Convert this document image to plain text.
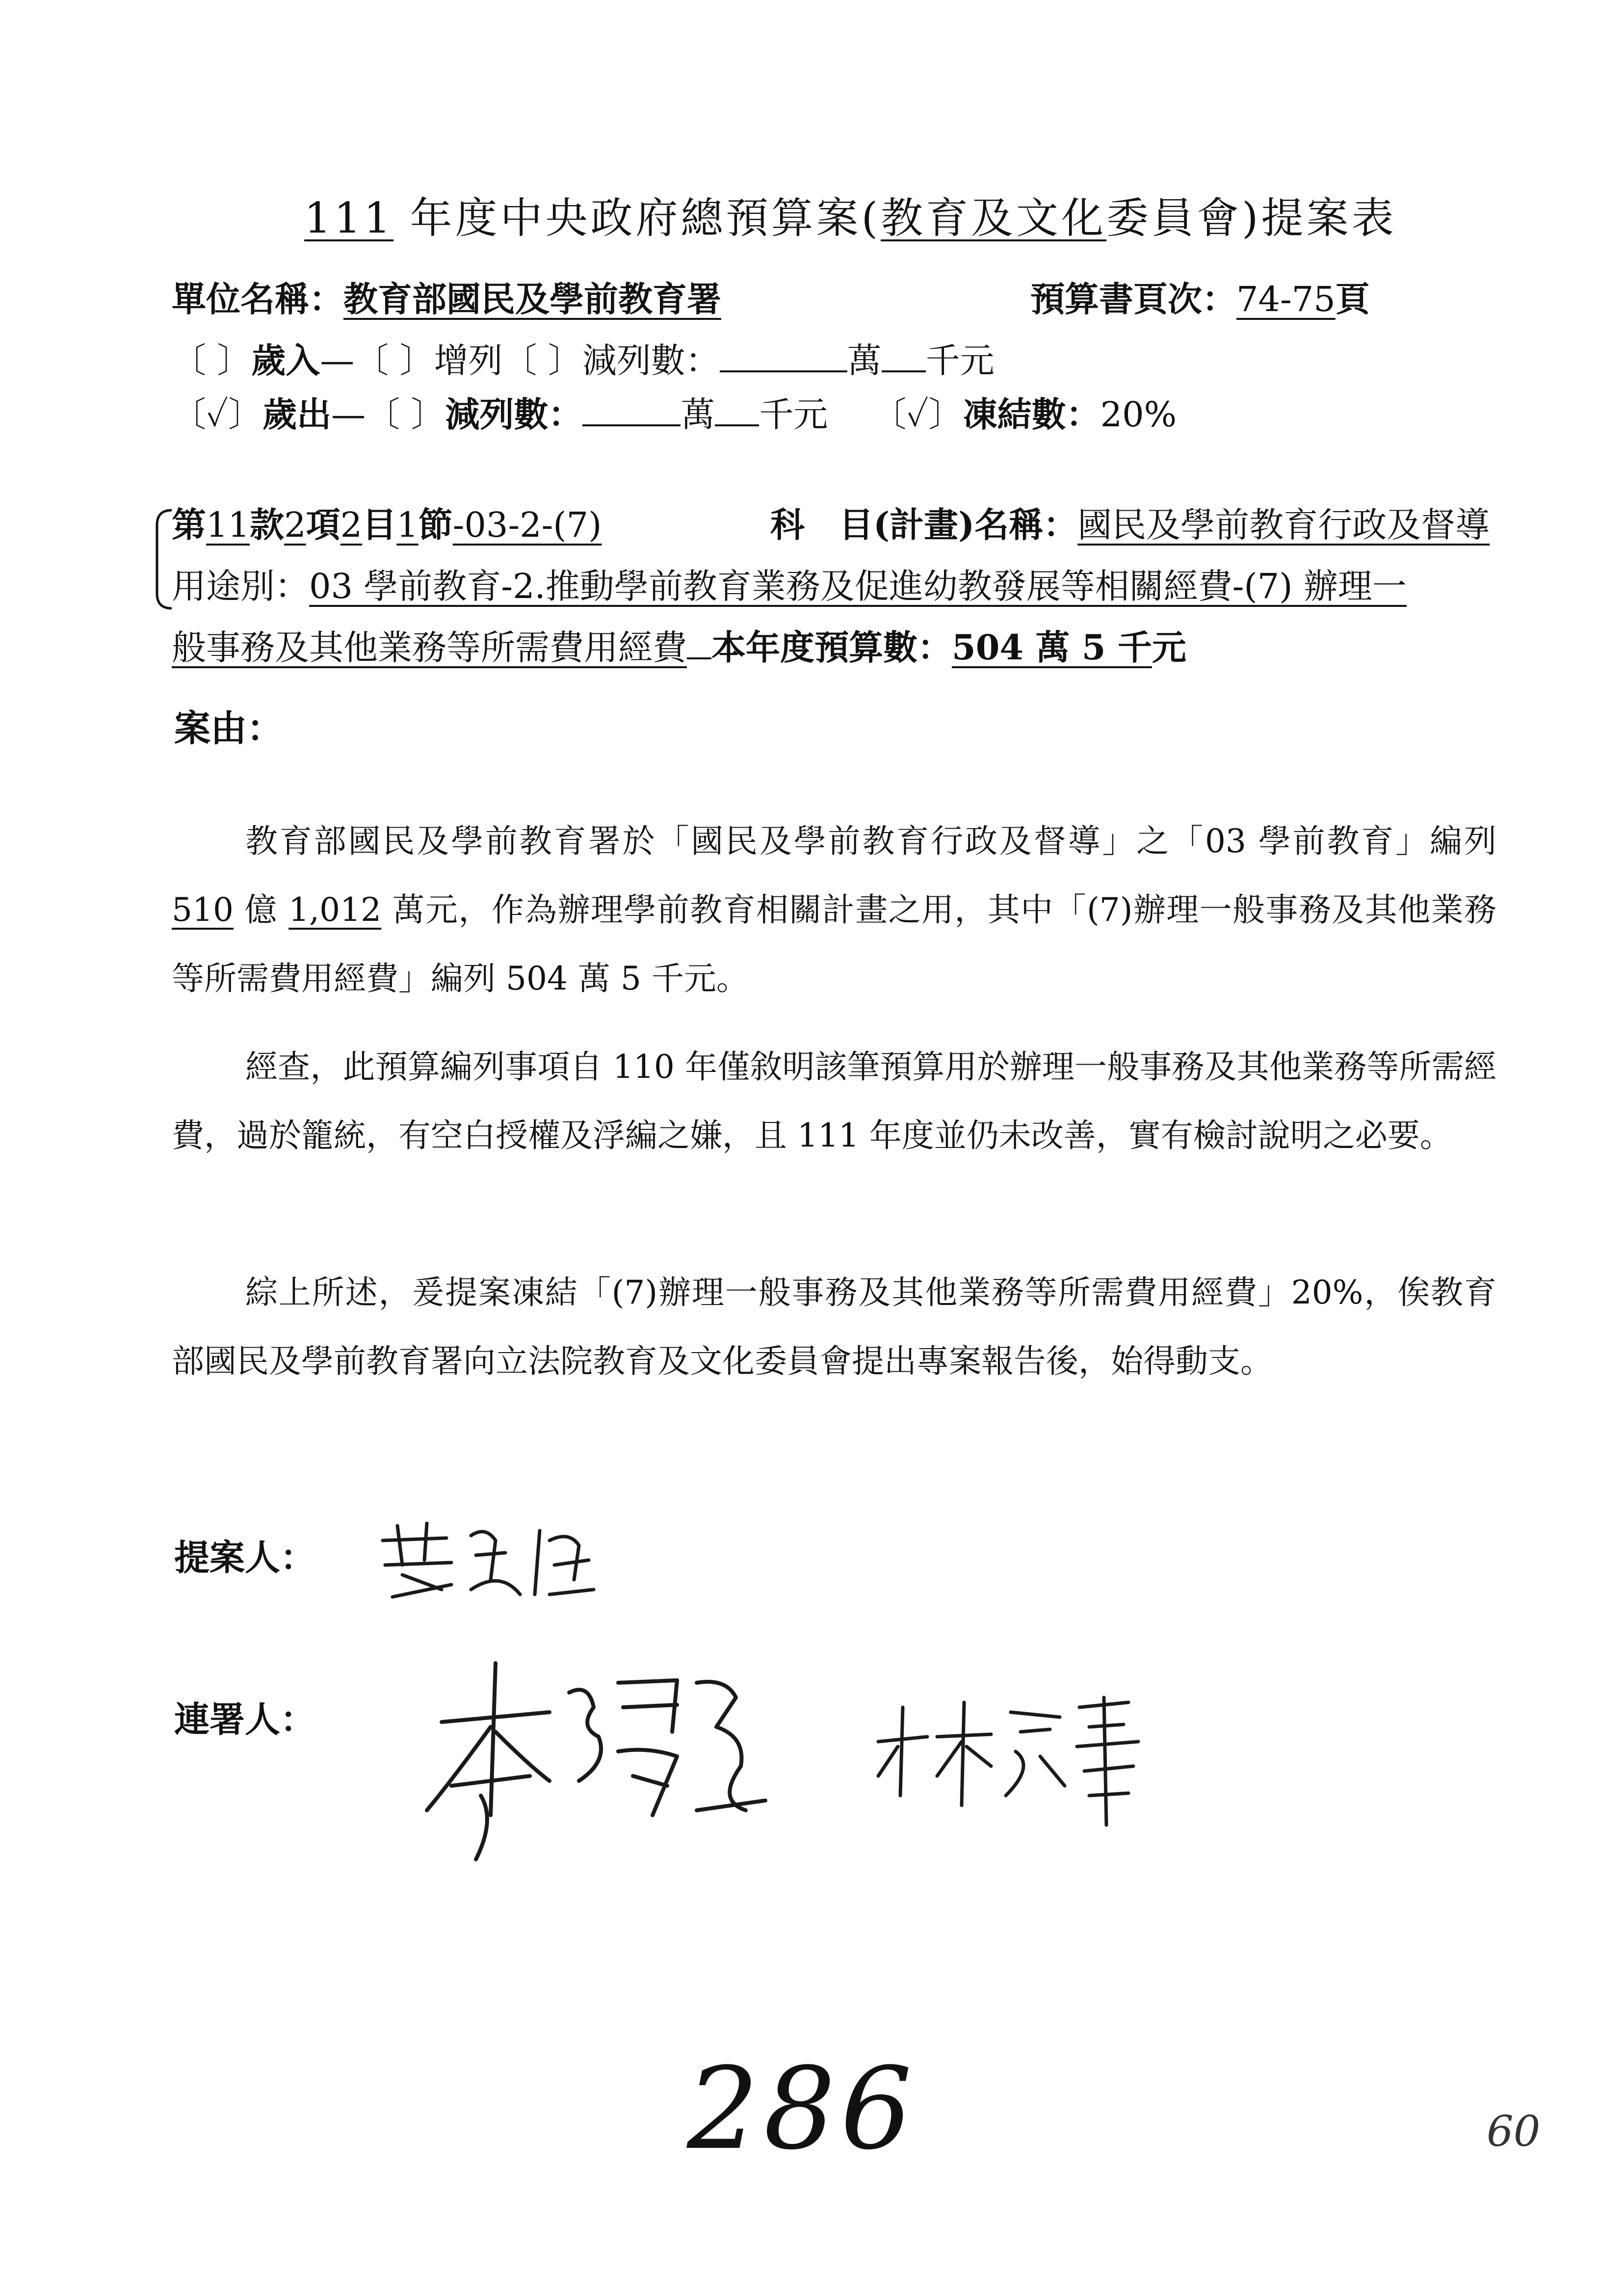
111 年度中央政府總預算案(教育及文化委員會)提案表
單位名稱：教育部國民及學前教育署	預算書頁次：74-75頁
〔 〕歲入—〔 〕增列〔 〕減列數：	萬 千元
〔✓〕歲出—〔 〕減列數：	萬 千元 〔✓〕凍結數：20%
第11款2項2目1節-03-2-(7)	科　目(計畫)名稱：國民及學前教育行政及督導
用途別：03 學前教育-2.推動學前教育業務及促進幼教發展等相關經費-(7) 辦理一
般事務及其他業務等所需費用經費 本年度預算數：504 萬 5 千元
案由：
教育部國民及學前教育署於「國民及學前教育行政及督導」之「03 學前教育」編列 510 億 1,012 萬元，作為辦理學前教育相關計畫之用，其中「(7)辦理一般事務及其他業務等所需費用經費」編列 504 萬 5 千元。
經查，此預算編列事項自 110 年僅敘明該筆預算用於辦理一般事務及其他業務等所需經費，過於籠統，有空白授權及浮編之嫌，且 111 年度並仍未改善，實有檢討說明之必要。
綜上所述，爰提案凍結「(7)辦理一般事務及其他業務等所需費用經費」20%，俟教育部國民及學前教育署向立法院教育及文化委員會提出專案報告後，始得動支。
提案人：
連署人：
286	60
